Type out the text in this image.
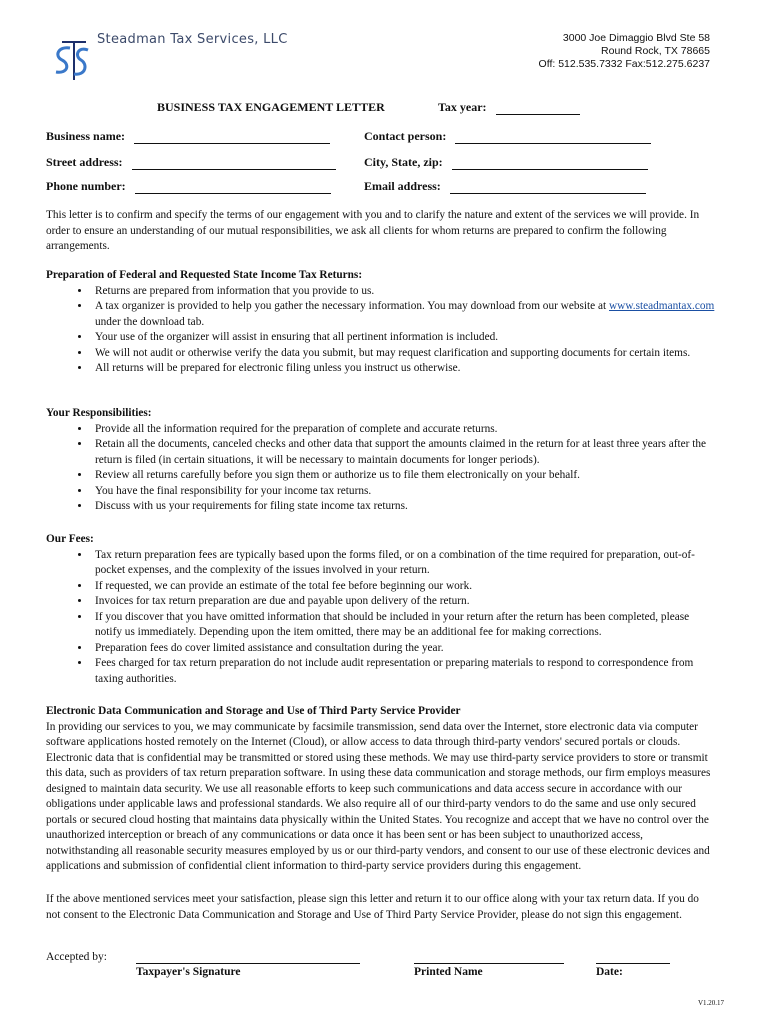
Steadman Tax Services, LLC	3000 Joe Dimaggio Blvd Ste 58
Round Rock, TX 78665
Off: 512.535.7332 Fax:512.275.6237
BUSINESS TAX ENGAGEMENT LETTER	Tax year:
Business name:	Contact person:
Street address:	City, State, zip:
Phone number:	Email address:
This letter is to confirm and specify the terms of our engagement with you and to clarify the nature and extent of the services we will provide. In order to ensure an understanding of our mutual responsibilities, we ask all clients for whom returns are prepared to confirm the following arrangements.
Preparation of Federal and Requested State Income Tax Returns:
• Returns are prepared from information that you provide to us.
• A tax organizer is provided to help you gather the necessary information. You may download from our website at www.steadmantax.com under the download tab.
• Your use of the organizer will assist in ensuring that all pertinent information is included.
• We will not audit or otherwise verify the data you submit, but may request clarification and supporting documents for certain items.
• All returns will be prepared for electronic filing unless you instruct us otherwise.
Your Responsibilities:
• Provide all the information required for the preparation of complete and accurate returns.
• Retain all the documents, canceled checks and other data that support the amounts claimed in the return for at least three years after the return is filed (in certain situations, it will be necessary to maintain documents for longer periods).
• Review all returns carefully before you sign them or authorize us to file them electronically on your behalf.
• You have the final responsibility for your income tax returns.
• Discuss with us your requirements for filing state income tax returns.
Our Fees:
• Tax return preparation fees are typically based upon the forms filed, or on a combination of the time required for preparation, out-of-pocket expenses, and the complexity of the issues involved in your return.
• If requested, we can provide an estimate of the total fee before beginning our work.
• Invoices for tax return preparation are due and payable upon delivery of the return.
• If you discover that you have omitted information that should be included in your return after the return has been completed, please notify us immediately. Depending upon the item omitted, there may be an additional fee for making corrections.
• Preparation fees do cover limited assistance and consultation during the year.
• Fees charged for tax return preparation do not include audit representation or preparing materials to respond to correspondence from taxing authorities.
Electronic Data Communication and Storage and Use of Third Party Service Provider
In providing our services to you, we may communicate by facsimile transmission, send data over the Internet, store electronic data via computer software applications hosted remotely on the Internet (Cloud), or allow access to data through third-party vendors' secured portals or clouds. Electronic data that is confidential may be transmitted or stored using these methods. We may use third-party service providers to store or transmit this data, such as providers of tax return preparation software. In using these data communication and storage methods, our firm employs measures designed to maintain data security. We use all reasonable efforts to keep such communications and data access secure in accordance with our obligations under applicable laws and professional standards. We also require all of our third-party vendors to do the same and use only secured portals or secured cloud hosting that maintains data physically within the United States. You recognize and accept that we have no control over the unauthorized interception or breach of any communications or data once it has been sent or has been subject to unauthorized access, notwithstanding all reasonable security measures employed by us or our third-party vendors, and consent to our use of these electronic devices and applications and submission of confidential client information to third-party service providers during this engagement.
If the above mentioned services meet your satisfaction, please sign this letter and return it to our office along with your tax return data. If you do not consent to the Electronic Data Communication and Storage and Use of Third Party Service Provider, please do not sign this engagement.
Accepted by:
Taxpayer's Signature	Printed Name	Date:
V1.20.17
